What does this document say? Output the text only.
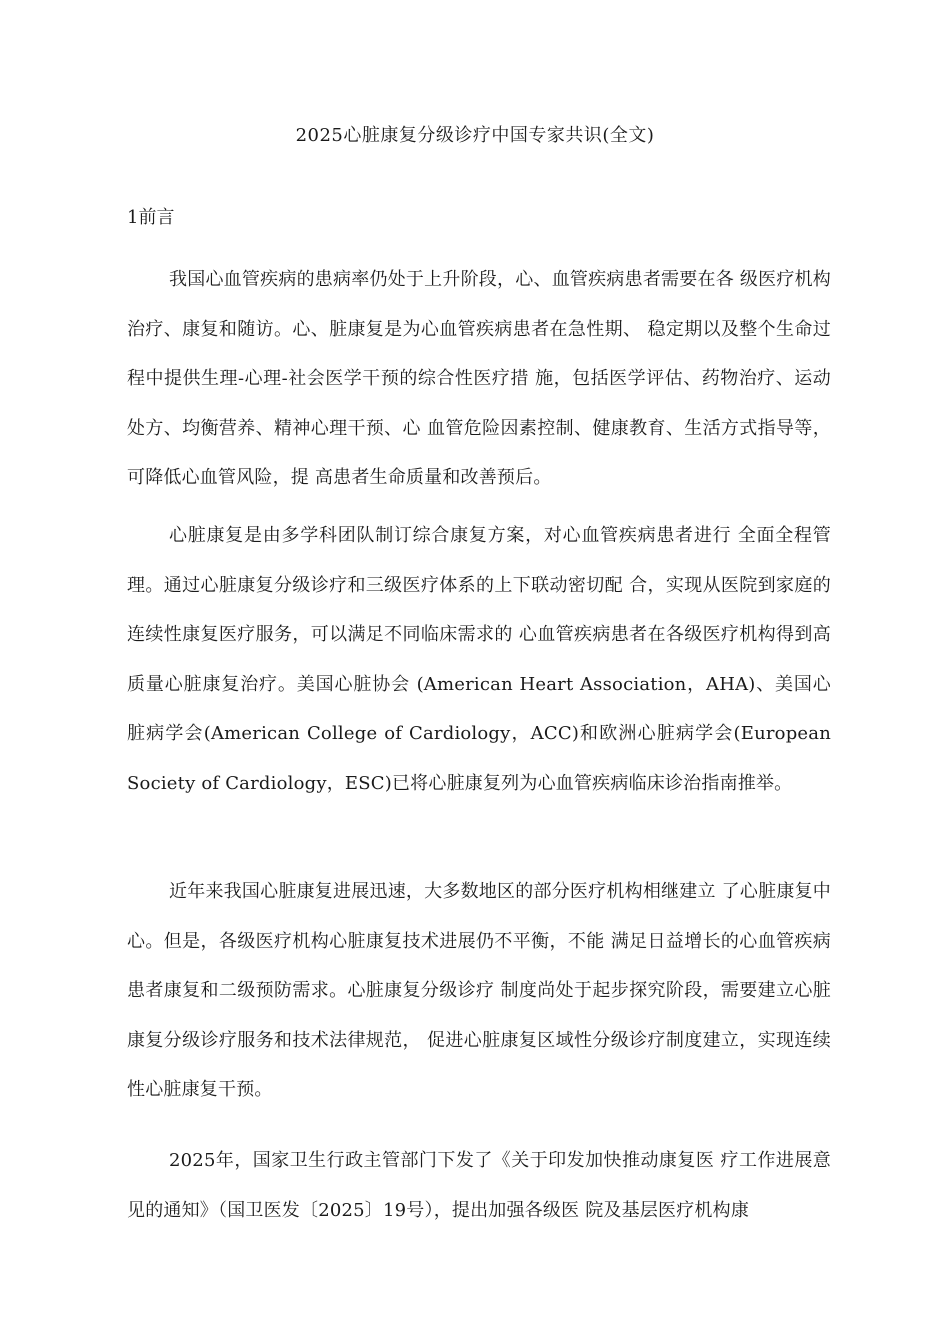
2025心脏康复分级诊疗中国专家共识(全文)
1前言

我国心血管疾病的患病率仍处于上升阶段，心、血管疾病患者需要在各 级医疗机构治疗、康复和随访。心、脏康复是为心血管疾病患者在急性期、 稳定期以及整个生命过程中提供生理-心理-社会医学干预的综合性医疗措 施，包括医学评估、药物治疗、运动处方、均衡营养、精神心理干预、心 血管危险因素控制、健康教育、生活方式指导等，可降低心血管风险，提 高患者生命质量和改善预后。

心脏康复是由多学科团队制订综合康复方案，对心血管疾病患者进行 全面全程管理。通过心脏康复分级诊疗和三级医疗体系的上下联动密切配 合，实现从医院到家庭的连续性康复医疗服务，可以满足不同临床需求的 心血管疾病患者在各级医疗机构得到高质量心脏康复治疗。美国心脏协会 (American Heart Association，AHA)、美国心脏病学会(American College of Cardiology，ACC)和欧洲心脏病学会(European Society of Cardiology，ESC)已将心脏康复列为心血管疾病临床诊治指南推举。

近年来我国心脏康复进展迅速，大多数地区的部分医疗机构相继建立 了心脏康复中心。但是，各级医疗机构心脏康复技术进展仍不平衡，不能 满足日益增长的心血管疾病患者康复和二级预防需求。心脏康复分级诊疗 制度尚处于起步探究阶段，需要建立心脏康复分级诊疗服务和技术法律规范， 促进心脏康复区域性分级诊疗制度建立，实现连续性心脏康复干预。

2025年，国家卫生行政主管部门下发了《关于印发加快推动康复医 疗工作进展意见的通知》（国卫医发〔2025〕19号），提出加强各级医 院及基层医疗机构康
